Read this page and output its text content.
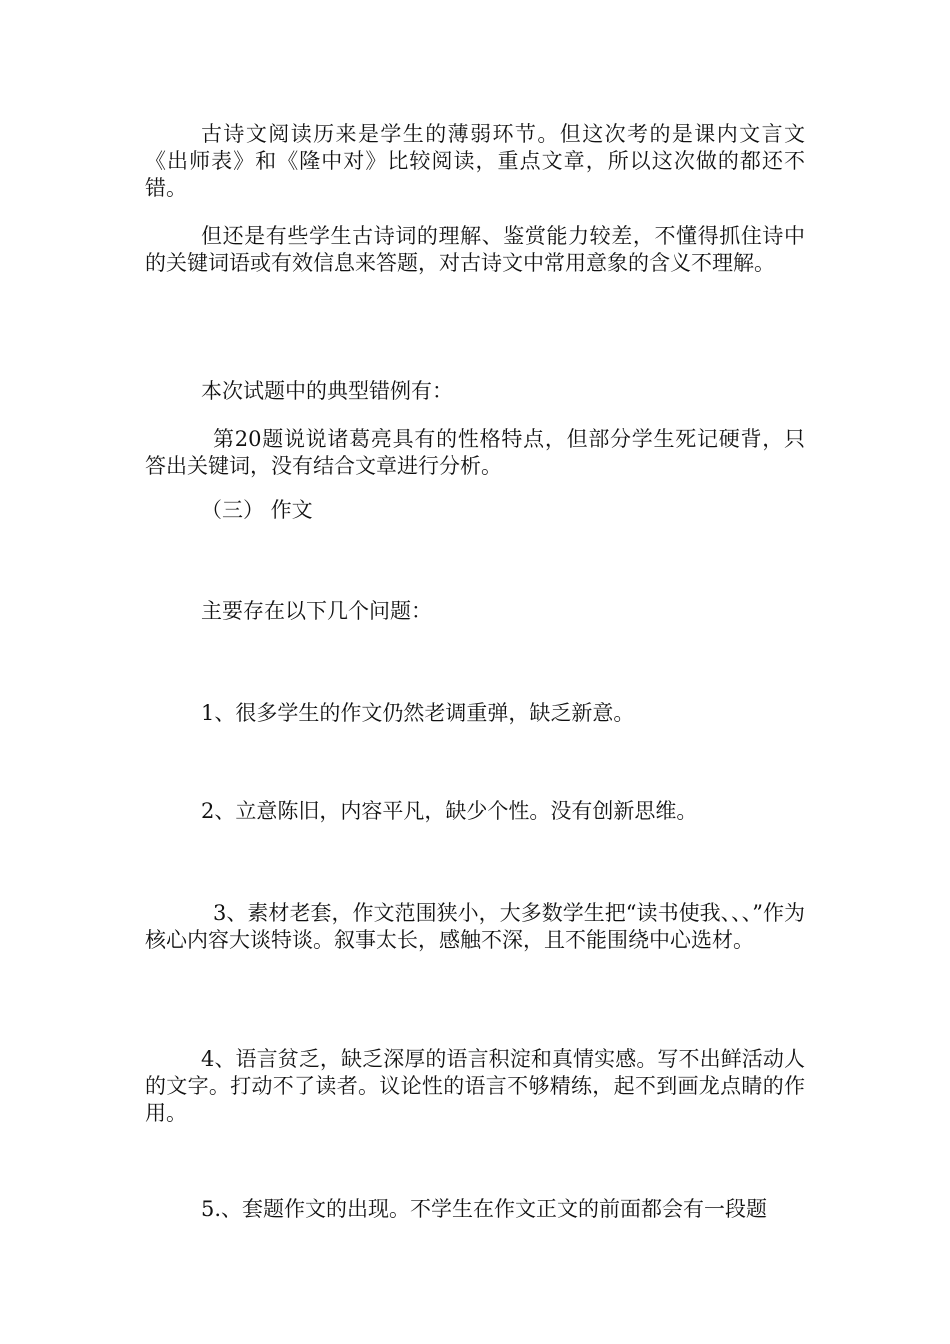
古诗文阅读历来是学生的薄弱环节。但这次考的是课内文言文《出师表》和《隆中对》比较阅读，重点文章，所以这次做的都还不错。

但还是有些学生古诗词的理解、鉴赏能力较差，不懂得抓住诗中的关键词语或有效信息来答题，对古诗文中常用意象的含义不理解。

本次试题中的典型错例有：

第20题说说诸葛亮具有的性格特点，但部分学生死记硬背，只答出关键词，没有结合文章进行分析。

（三） 作文

主要存在以下几个问题：

1、很多学生的作文仍然老调重弹，缺乏新意。

2、立意陈旧，内容平凡，缺少个性。没有创新思维。

3、素材老套，作文范围狭小，大多数学生把“读书使我、、、”作为核心内容大谈特谈。叙事太长，感触不深，且不能围绕中心选材。

4、语言贫乏，缺乏深厚的语言积淀和真情实感。写不出鲜活动人的文字。打动不了读者。议论性的语言不够精练，起不到画龙点睛的作用。

5.、套题作文的出现。不学生在作文正文的前面都会有一段题
